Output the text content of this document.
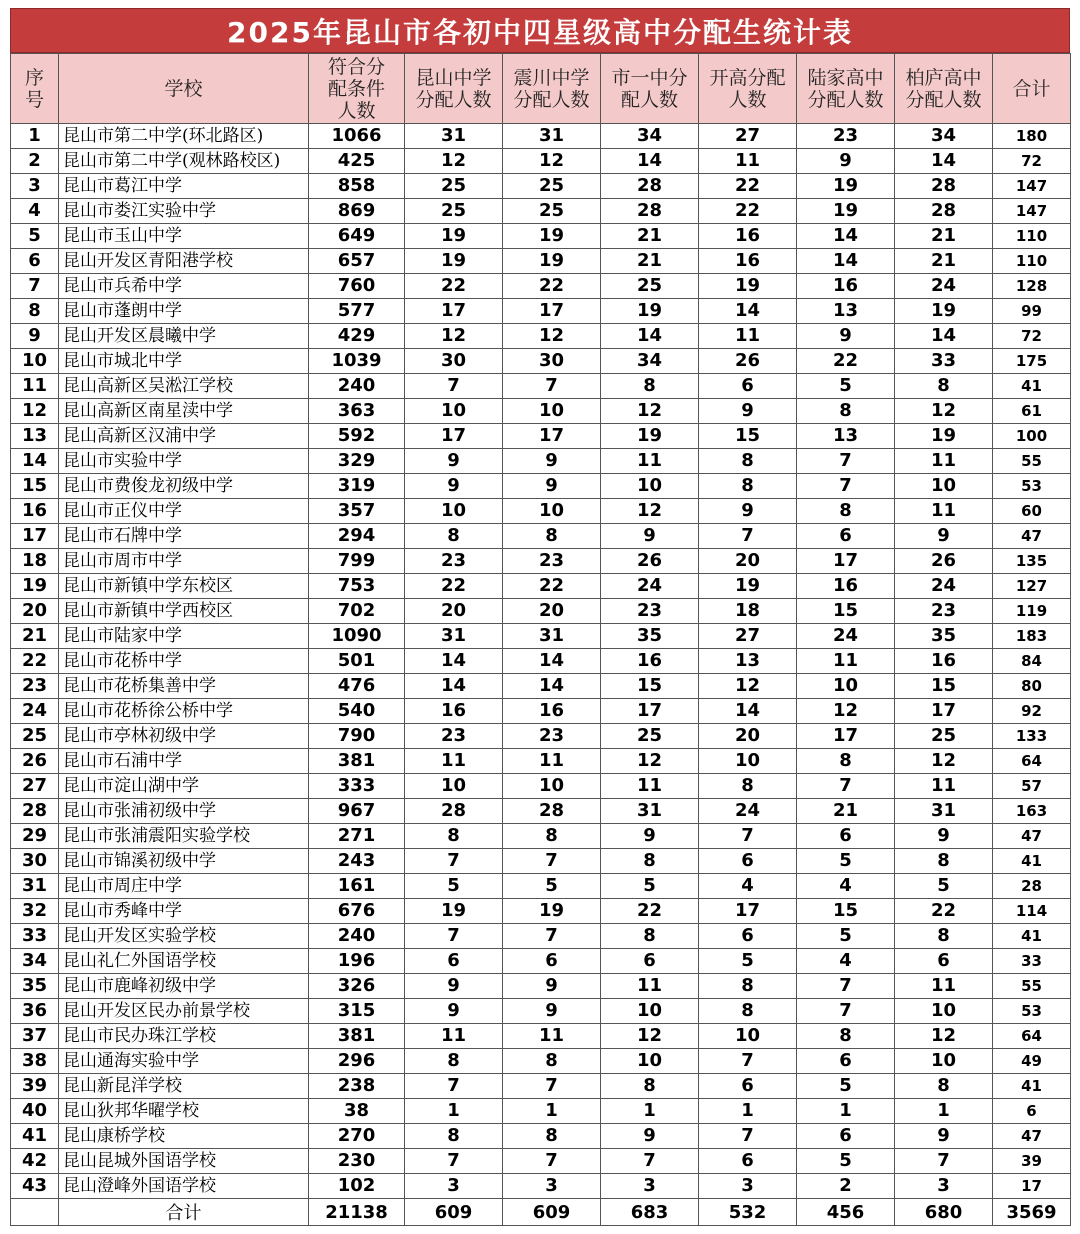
2025年昆山市各初中四星级高中分配生统计表
序号	学校	符合分配条件人数	昆山中学分配人数	震川中学分配人数	市一中分配人数	开高分配人数	陆家高中分配人数	柏庐高中分配人数	合计
1	昆山市第二中学(环北路区)	1066	31	31	34	27	23	34	180
2	昆山市第二中学(观林路校区)	425	12	12	14	11	9	14	72
3	昆山市葛江中学	858	25	25	28	22	19	28	147
4	昆山市娄江实验中学	869	25	25	28	22	19	28	147
5	昆山市玉山中学	649	19	19	21	16	14	21	110
6	昆山开发区青阳港学校	657	19	19	21	16	14	21	110
7	昆山市兵希中学	760	22	22	25	19	16	24	128
8	昆山市蓬朗中学	577	17	17	19	14	13	19	99
9	昆山开发区晨曦中学	429	12	12	14	11	9	14	72
10	昆山市城北中学	1039	30	30	34	26	22	33	175
11	昆山高新区吴淞江学校	240	7	7	8	6	5	8	41
12	昆山高新区南星渎中学	363	10	10	12	9	8	12	61
13	昆山高新区汉浦中学	592	17	17	19	15	13	19	100
14	昆山市实验中学	329	9	9	11	8	7	11	55
15	昆山市费俊龙初级中学	319	9	9	10	8	7	10	53
16	昆山市正仪中学	357	10	10	12	9	8	11	60
17	昆山市石牌中学	294	8	8	9	7	6	9	47
18	昆山市周市中学	799	23	23	26	20	17	26	135
19	昆山市新镇中学东校区	753	22	22	24	19	16	24	127
20	昆山市新镇中学西校区	702	20	20	23	18	15	23	119
21	昆山市陆家中学	1090	31	31	35	27	24	35	183
22	昆山市花桥中学	501	14	14	16	13	11	16	84
23	昆山市花桥集善中学	476	14	14	15	12	10	15	80
24	昆山市花桥徐公桥中学	540	16	16	17	14	12	17	92
25	昆山市亭林初级中学	790	23	23	25	20	17	25	133
26	昆山市石浦中学	381	11	11	12	10	8	12	64
27	昆山市淀山湖中学	333	10	10	11	8	7	11	57
28	昆山市张浦初级中学	967	28	28	31	24	21	31	163
29	昆山市张浦震阳实验学校	271	8	8	9	7	6	9	47
30	昆山市锦溪初级中学	243	7	7	8	6	5	8	41
31	昆山市周庄中学	161	5	5	5	4	4	5	28
32	昆山市秀峰中学	676	19	19	22	17	15	22	114
33	昆山开发区实验学校	240	7	7	8	6	5	8	41
34	昆山礼仁外国语学校	196	6	6	6	5	4	6	33
35	昆山市鹿峰初级中学	326	9	9	11	8	7	11	55
36	昆山开发区民办前景学校	315	9	9	10	8	7	10	53
37	昆山市民办珠江学校	381	11	11	12	10	8	12	64
38	昆山通海实验中学	296	8	8	10	7	6	10	49
39	昆山新昆洋学校	238	7	7	8	6	5	8	41
40	昆山狄邦华曜学校	38	1	1	1	1	1	1	6
41	昆山康桥学校	270	8	8	9	7	6	9	47
42	昆山昆城外国语学校	230	7	7	7	6	5	7	39
43	昆山澄峰外国语学校	102	3	3	3	3	2	3	17
	合计	21138	609	609	683	532	456	680	3569
